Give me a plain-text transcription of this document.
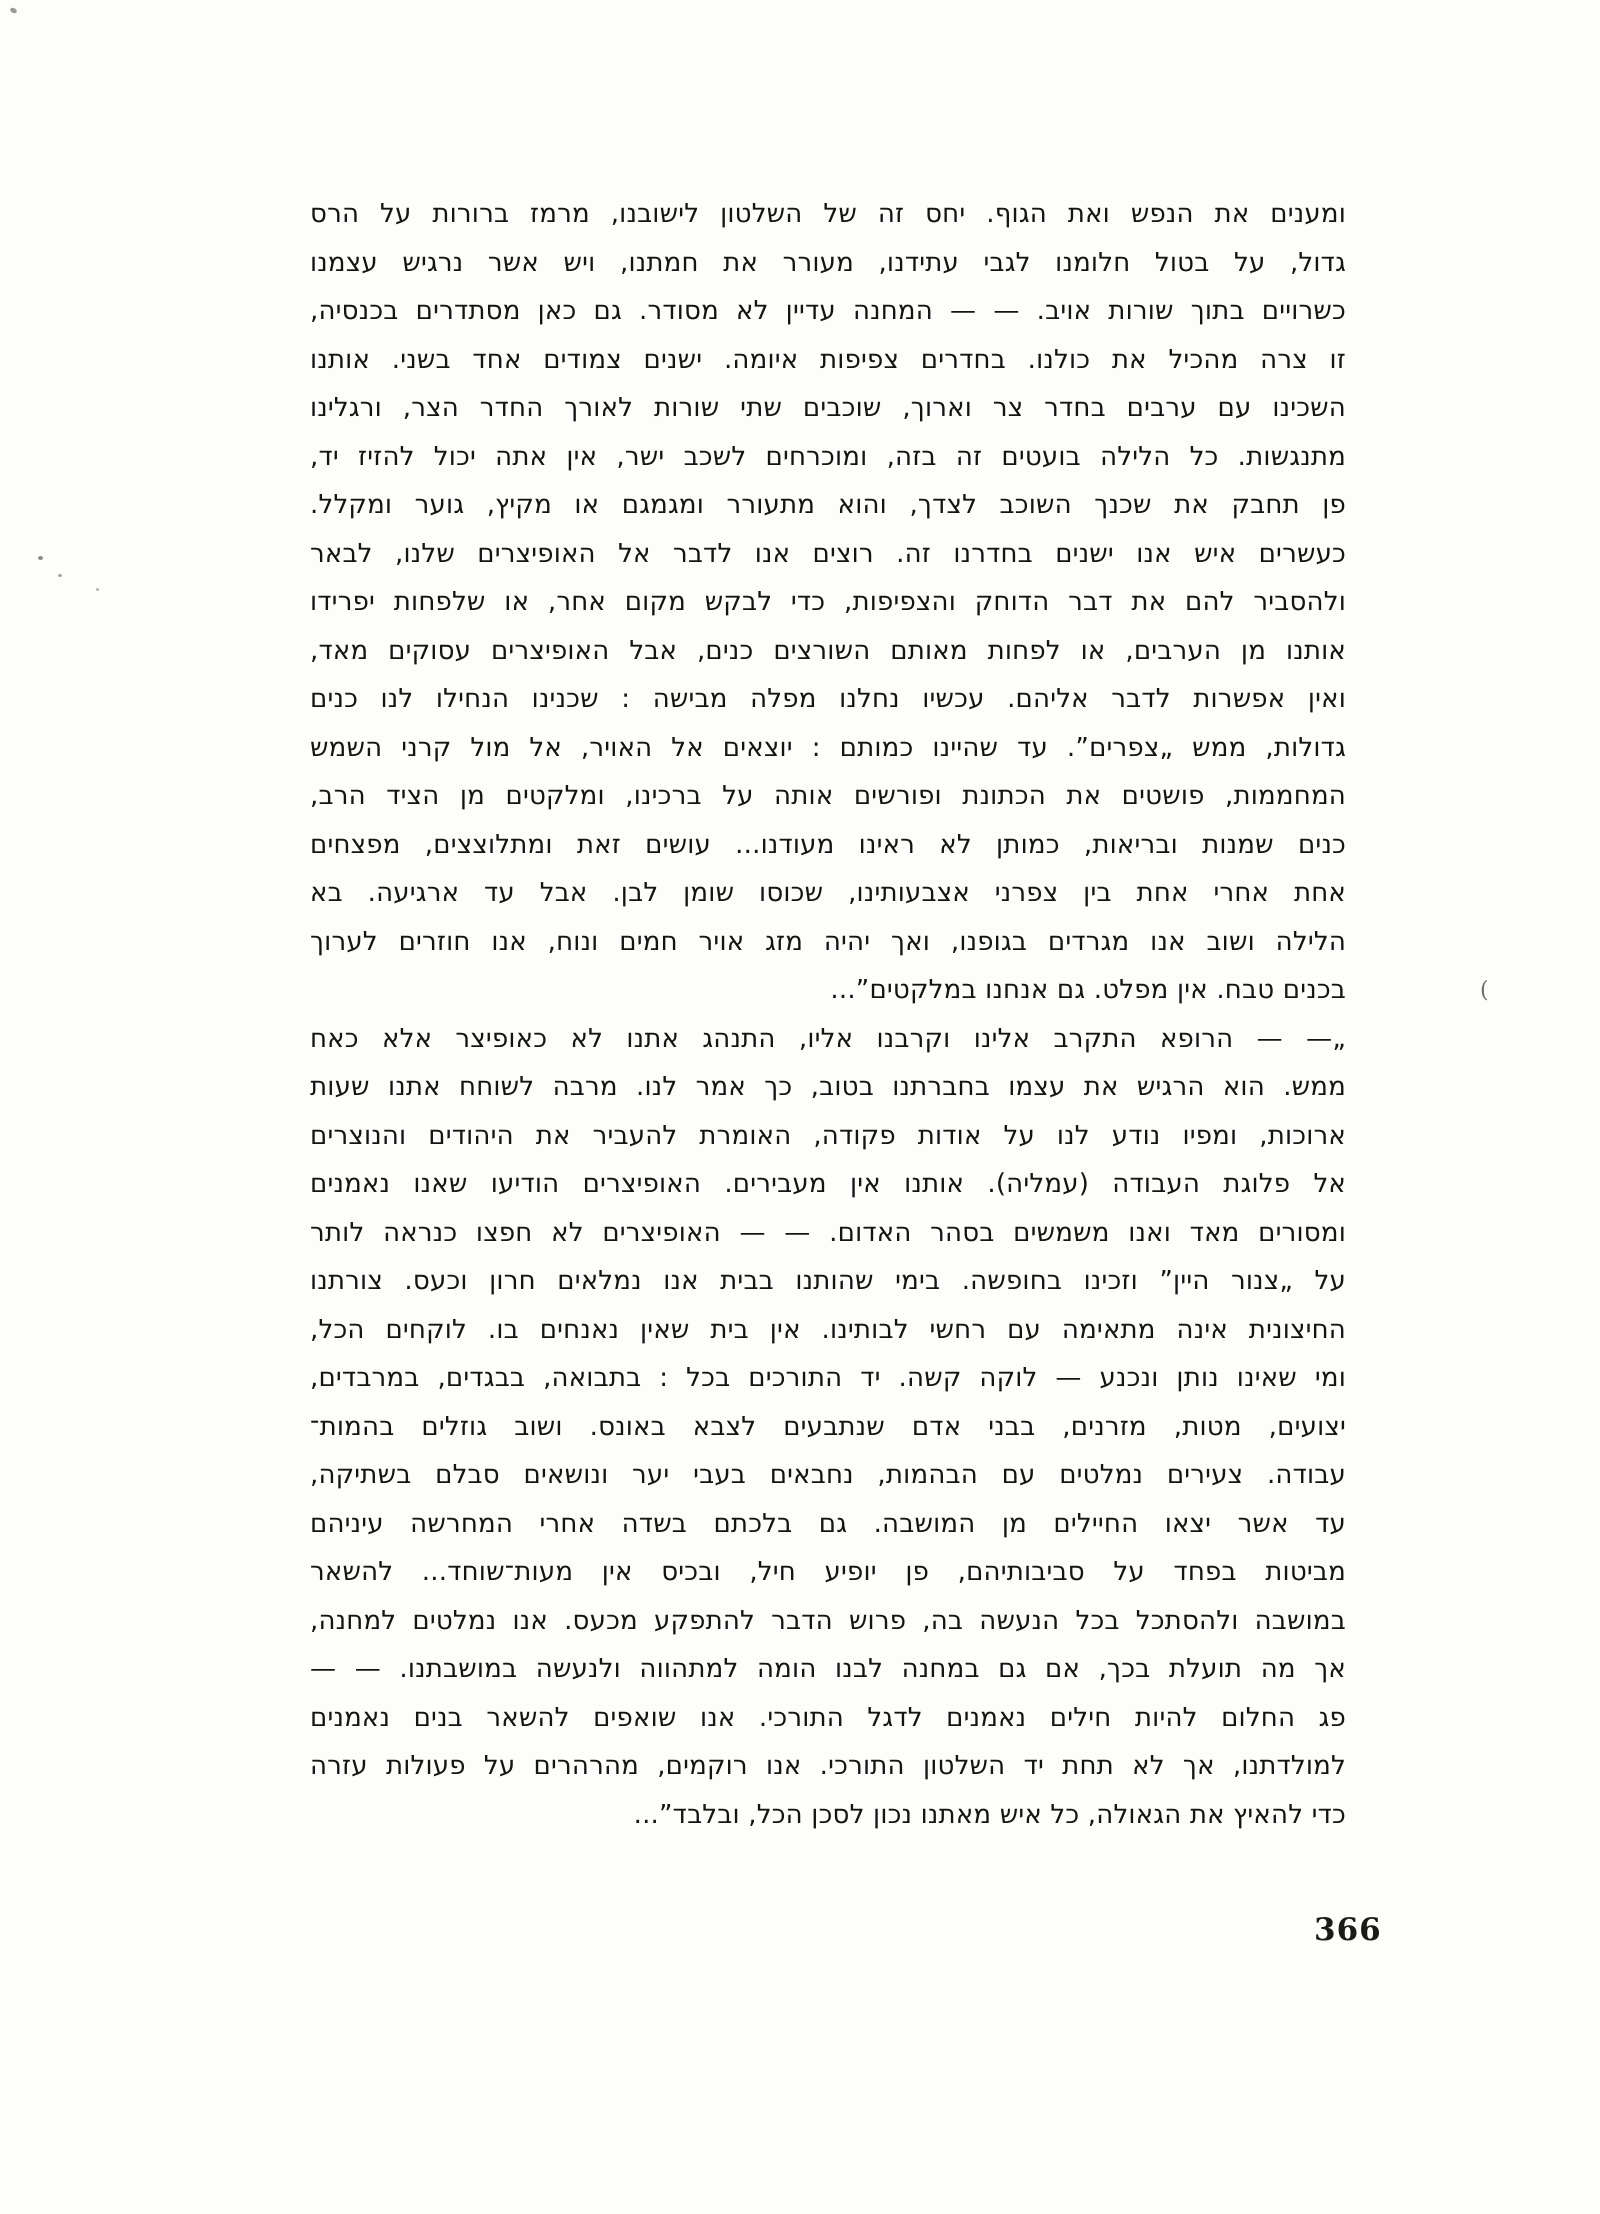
ומענים את הנפש ואת הגוף. יחס זה של השלטון לישובנו, מרמז ברורות על הרס
גדול, על בטול חלומנו לגבי עתידנו, מעורר את חמתנו, ויש אשר נרגיש עצמנו
כשרויים בתוך שורות אויב. — — המחנה עדיין לא מסודר. גם כאן מסתדרים בכנסיה,
זו צרה מהכיל את כולנו. בחדרים צפיפות איומה. ישנים צמודים אחד בשני. אותנו
השכינו עם ערבים בחדר צר וארוך, שוכבים שתי שורות לאורך החדר הצר, ורגלינו
מתנגשות. כל הלילה בועטים זה בזה, ומוכרחים לשכב ישר, אין אתה יכול להזיז יד,
פן תחבק את שכנך השוכב לצדך, והוא מתעורר ומגמגם או מקיץ, גוער ומקלל.
כעשרים איש אנו ישנים בחדרנו זה. רוצים אנו לדבר אל האופיצרים שלנו, לבאר
ולהסביר להם את דבר הדוחק והצפיפות, כדי לבקש מקום אחר, או שלפחות יפרידו
אותנו מן הערבים, או לפחות מאותם השורצים כנים, אבל האופיצרים עסוקים מאד,
ואין אפשרות לדבר אליהם. עכשיו נחלנו מפלה מבישה : שכנינו הנחילו לנו כנים
גדולות, ממש „צפרים”. עד שהיינו כמותם : יוצאים אל האויר, אל מול קרני השמש
המחממות, פושטים את הכתונת ופורשים אותה על ברכינו, ומלקטים מן הציד הרב,
כנים שמנות ובריאות, כמותן לא ראינו מעודנו... עושים זאת ומתלוצצים, מפצחים
אחת אחרי אחת בין צפרני אצבעותינו, שכוסו שומן לבן. אבל עד ארגיעה. בא
הלילה ושוב אנו מגרדים בגופנו, ואך יהיה מזג אויר חמים ונוח, אנו חוזרים לערוך
בכנים טבח. אין מפלט. גם אנחנו במלקטים”...
„— — הרופא התקרב אלינו וקרבנו אליו, התנהג אתנו לא כאופיצר אלא כאח
ממש. הוא הרגיש את עצמו בחברתנו בטוב, כך אמר לנו. מרבה לשוחח אתנו שעות
ארוכות, ומפיו נודע לנו על אודות פקודה, האומרת להעביר את היהודים והנוצרים
אל פלוגת העבודה (עמליה). אותנו אין מעבירים. האופיצרים הודיעו שאנו נאמנים
ומסורים מאד ואנו משמשים בסהר האדום. — — האופיצרים לא חפצו כנראה לותר
על „צנור היין” וזכינו בחופשה. בימי שהותנו בבית אנו נמלאים חרון וכעס. צורתנו
החיצונית אינה מתאימה עם רחשי לבותינו. אין בית שאין נאנחים בו. לוקחים הכל,
ומי שאינו נותן ונכנע — לוקה קשה. יד התורכים בכל : בתבואה, בבגדים, במרבדים,
יצועים, מטות, מזרנים, בבני אדם שנתבעים לצבא באונס. ושוב גוזלים בהמות־
עבודה. צעירים נמלטים עם הבהמות, נחבאים בעבי יער ונושאים סבלם בשתיקה,
עד אשר יצאו החיילים מן המושבה. גם בלכתם בשדה אחרי המחרשה עיניהם
מביטות בפחד על סביבותיהם, פן יופיע חיל, ובכיס אין מעות־שוחד... להשאר
במושבה ולהסתכל בכל הנעשה בה, פרוש הדבר להתפקע מכעס. אנו נמלטים למחנה,
אך מה תועלת בכך, אם גם במחנה לבנו הומה למתהווה ולנעשה במושבתנו. — —
פג החלום להיות חילים נאמנים לדגל התורכי. אנו שואפים להשאר בנים נאמנים
למולדתנו, אך לא תחת יד השלטון התורכי. אנו רוקמים, מהרהרים על פעולות עזרה
כדי להאיץ את הגאולה, כל איש מאתנו נכון לסכן הכל, ובלבד”...
366
(
